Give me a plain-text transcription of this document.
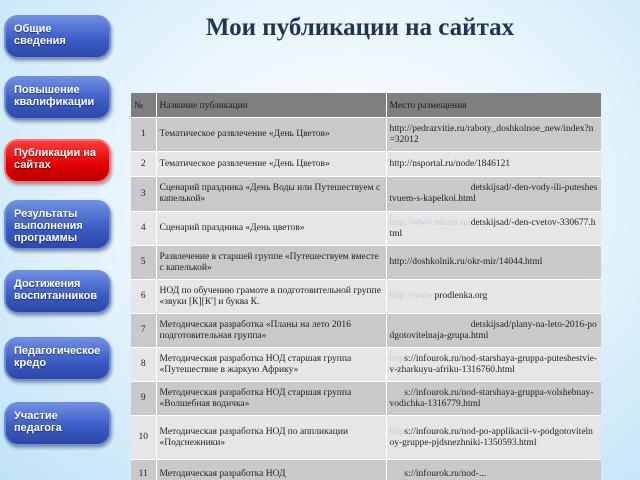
Мои публикации на сайтах
Общие сведения
Повышение квалификации
Публикации на сайтах
Результаты выполнения программы
Достижения воспитанников
Педагогическое кредо
Участие педагога
№	Название публикации	Место размещения
1	Тематическое развлечение «День Цветов»	http://pedrazvitie.ru/raboty_doshkolnoe_new/index?n=32012
2	Тематическое развлечение «День Цветов»	http://nsportal.ru/node/1846121
3	Сценарий праздника «День Воды или Путешествуем с капелькой»	http://www.maam.ru/detskijsad/-den-vody-ili-puteshestvuem-s-kapelkoi.html
4	Сценарий праздника «День цветов»	http://www.maam.ru/detskijsad/-den-cvetov-330677.html
5	Развлечение в старшей группе «Путешествуем вместе с капелькой»	http://doshkolnik.ru/okr-mir/14044.html
6	НОД по обучению грамоте в подготовительной группе «звуки [К][К'] и буква К.	http://www.prodlenka.org
7	Методическая разработка «Планы на лето 2016 подготовительная группа»	http://www.maam.ru/detskijsad/plany-na-leto-2016-podgotovitelnaja-grupa.html
8	Методическая разработка НОД старшая группа «Путешествие в жаркую Африку»	https://infourok.ru/nod-starshaya-gruppa-puteshestvie-v-zharkuyu-afriku-1316760.html
9	Методическая разработка НОД старшая группа «Волшебная водичка»	https://infourok.ru/nod-starshaya-gruppa-volshebnay-vodichka-1316779.html
10	Методическая разработка НОД по аппликации «Подснежники»	https://infourok.ru/nod-po-applikacii-v-podgotovitelnoy-gruppe-pjdsnezhniki-1350593.html
11	Методическая разработка НОД	https://infourok.ru/nod-...
